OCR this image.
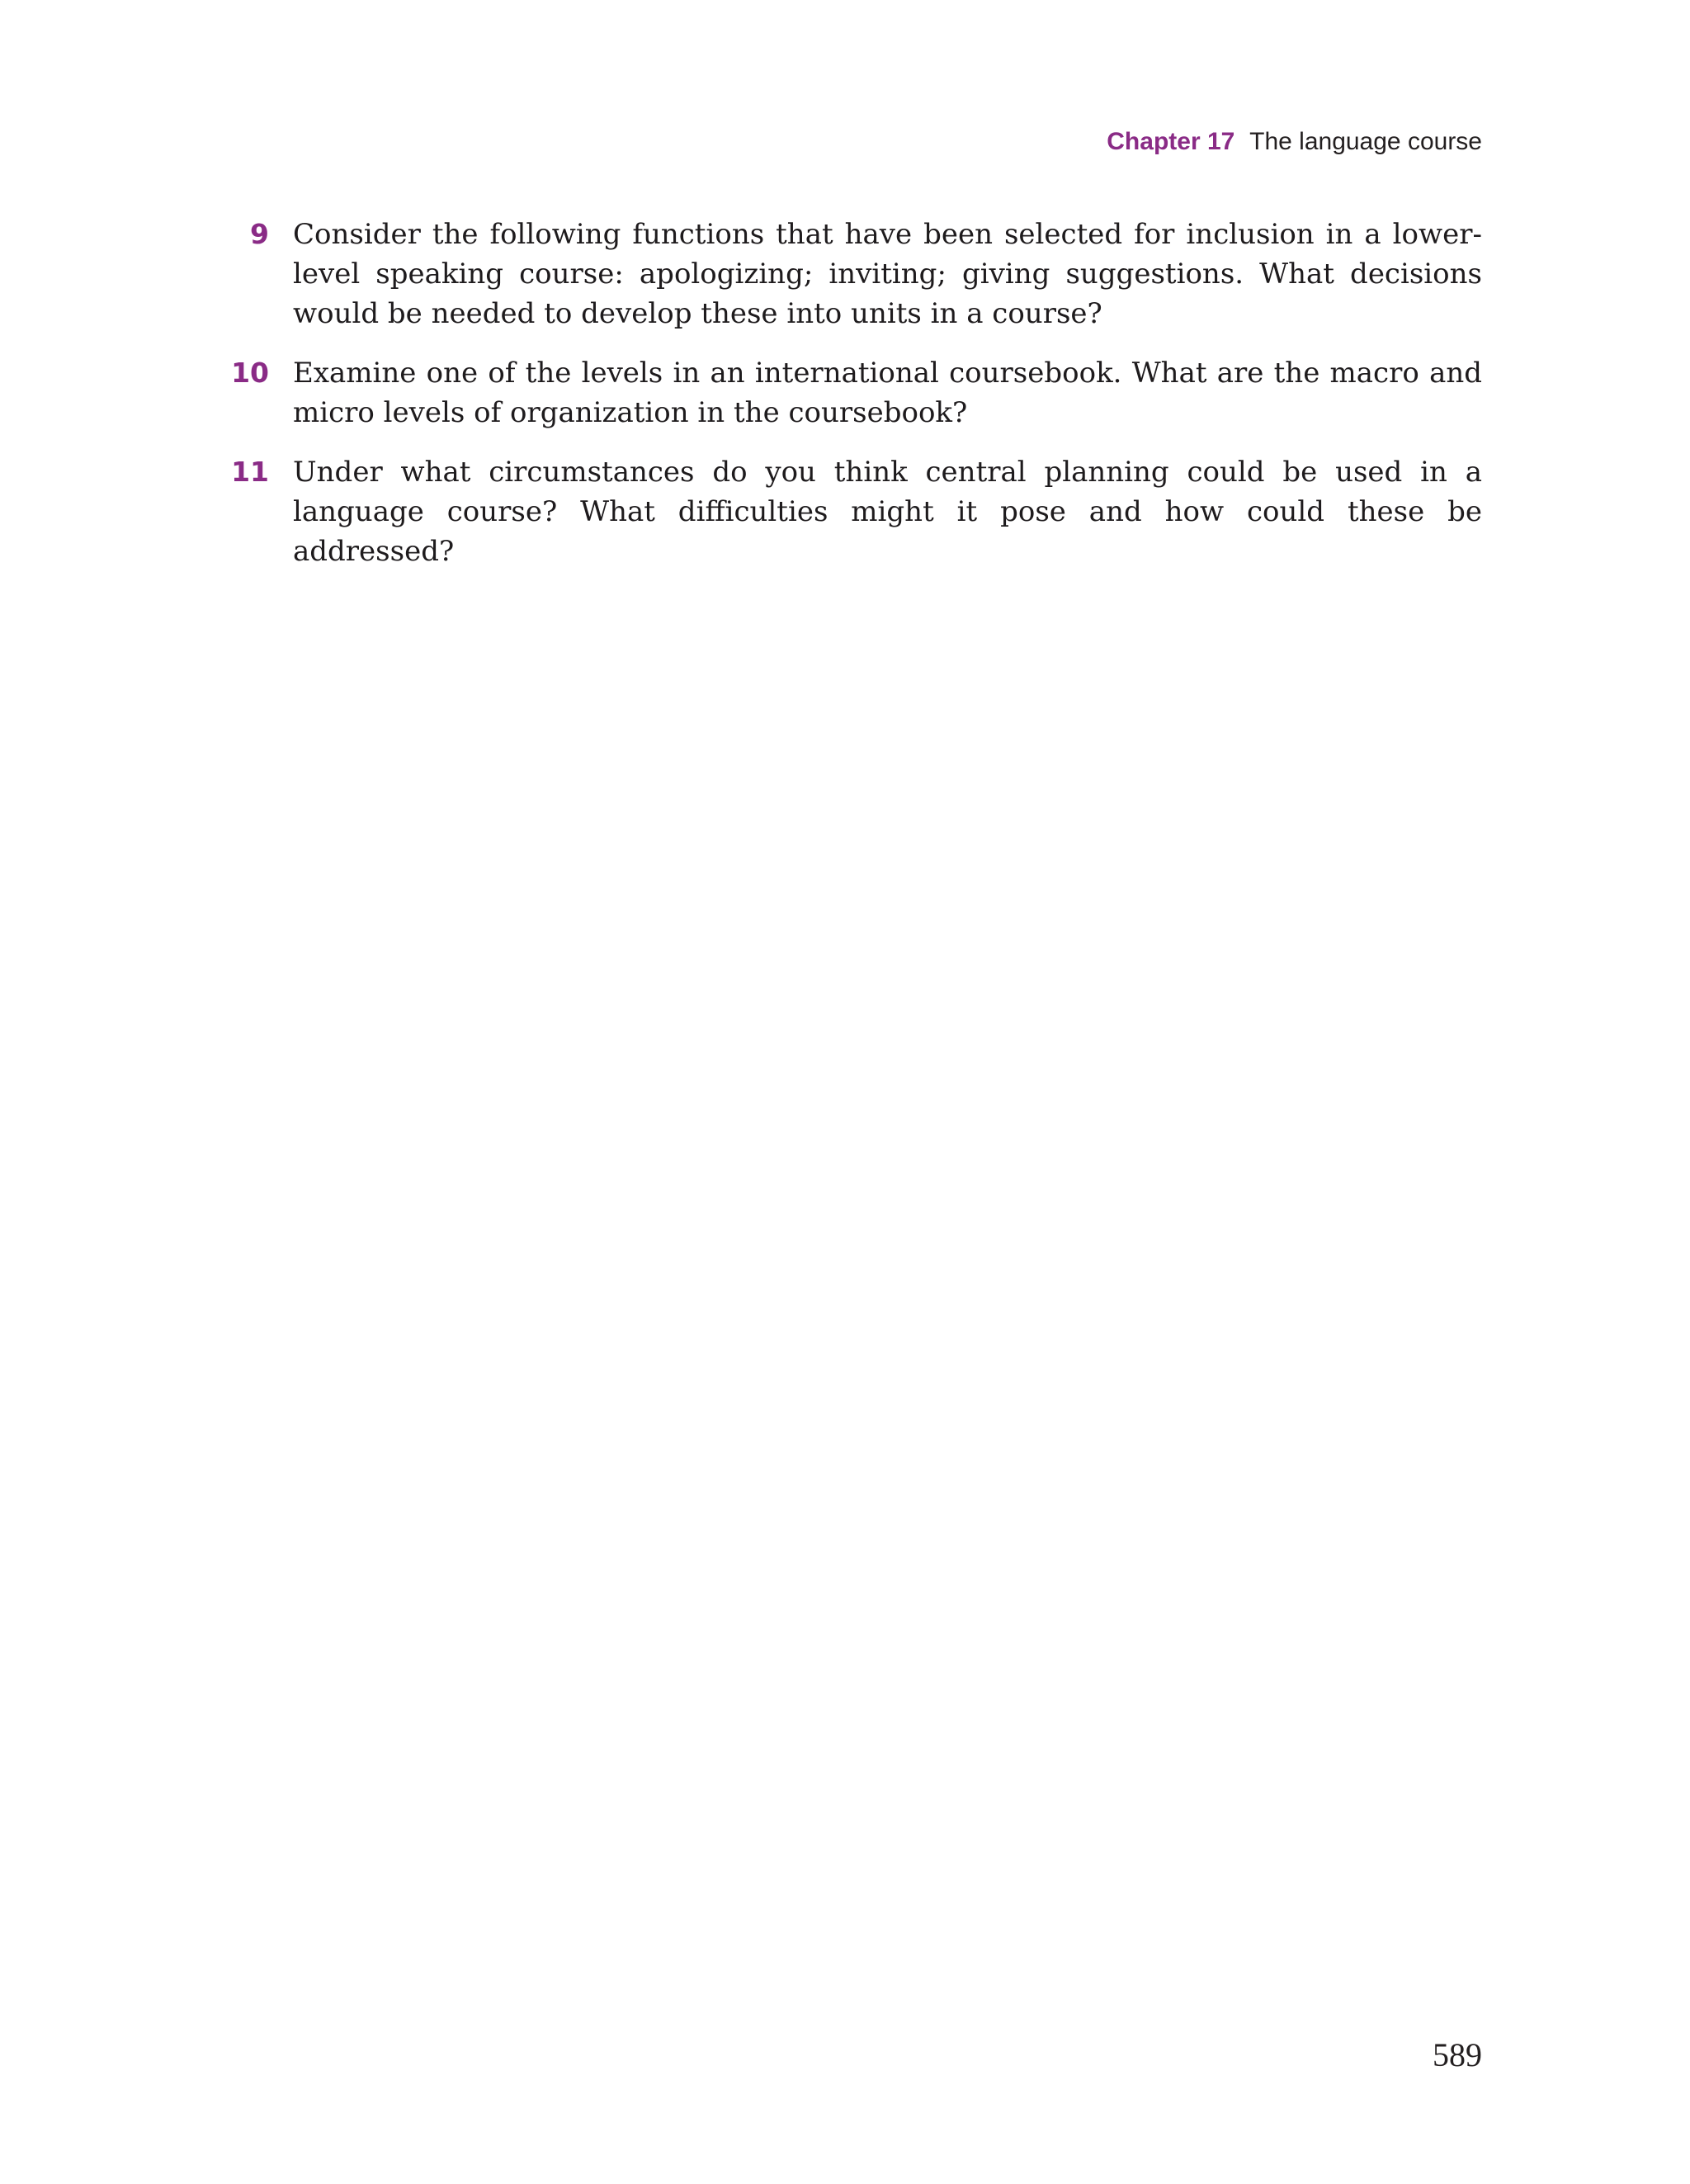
Chapter 17 The language course
9 Consider the following functions that have been selected for inclusion in a lower-level speaking course: apologizing; inviting; giving suggestions. What decisions would be needed to develop these into units in a course?
10 Examine one of the levels in an international coursebook. What are the macro and micro levels of organization in the coursebook?
11 Under what circumstances do you think central planning could be used in a language course? What difficulties might it pose and how could these be addressed?
589
